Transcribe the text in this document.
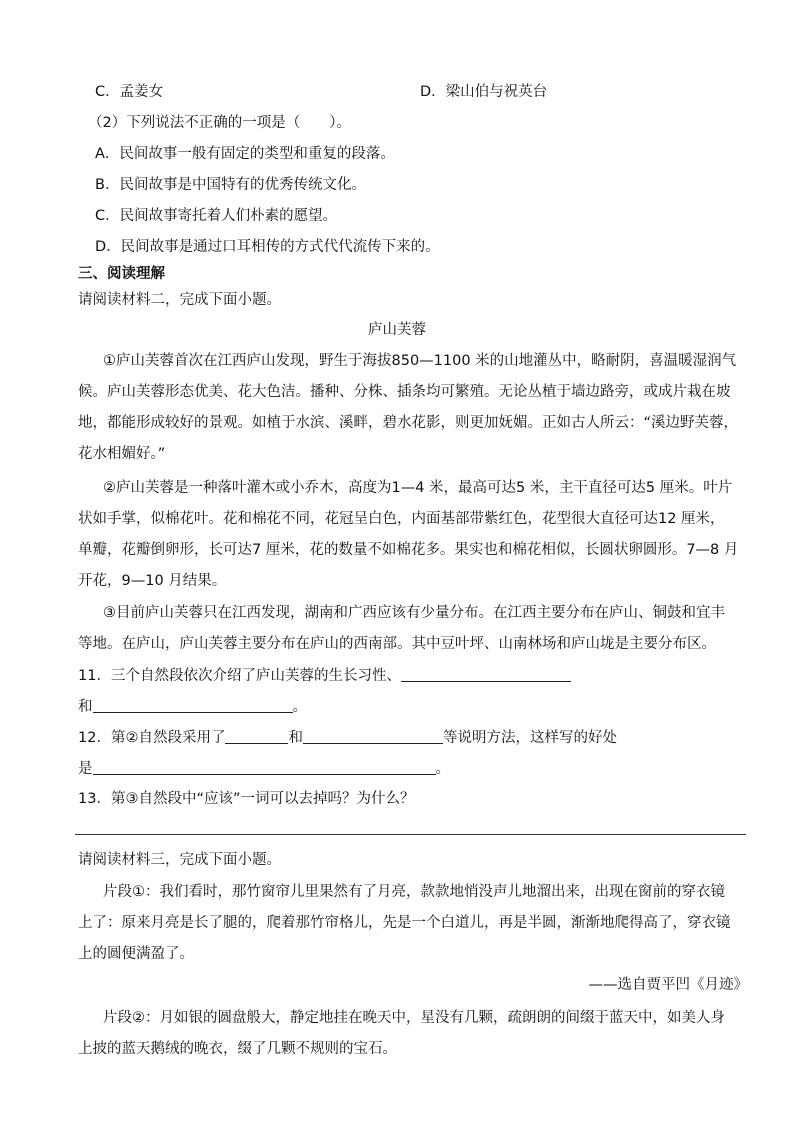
C．孟姜女	D．梁山伯与祝英台
（2）下列说法不正确的一项是（　　）。
A．民间故事一般有固定的类型和重复的段落。
B．民间故事是中国特有的优秀传统文化。
C．民间故事寄托着人们朴素的愿望。
D．民间故事是通过口耳相传的方式代代流传下来的。
三、阅读理解
请阅读材料二，完成下面小题。
庐山芙蓉
①庐山芙蓉首次在江西庐山发现，野生于海拔850—1100 米的山地灌丛中，略耐阴，喜温暖湿润气
候。庐山芙蓉形态优美、花大色洁。播种、分株、插条均可繁殖。无论丛植于墙边路旁，或成片栽在坡
地，都能形成较好的景观。如植于水滨、溪畔，碧水花影，则更加妩媚。正如古人所云：“溪边野芙蓉，
花水相媚好。”
②庐山芙蓉是一种落叶灌木或小乔木，高度为1—4 米，最高可达5 米，主干直径可达5 厘米。叶片
状如手掌，似棉花叶。花和棉花不同，花冠呈白色，内面基部带紫红色，花型很大直径可达12 厘米，
单瓣，花瓣倒卵形，长可达7 厘米，花的数量不如棉花多。果实也和棉花相似，长圆状卵圆形。7—8 月
开花，9—10 月结果。
③目前庐山芙蓉只在江西发现，湖南和广西应该有少量分布。在江西主要分布在庐山、铜鼓和宜丰
等地。在庐山，庐山芙蓉主要分布在庐山的西南部。其中豆叶坪、山南林场和庐山垅是主要分布区。
11．三个自然段依次介绍了庐山芙蓉的生长习性、
和	。
12．第②自然段采用了	和	等说明方法，这样写的好处
是	。
13．第③自然段中“应该”一词可以去掉吗？为什么？
请阅读材料三，完成下面小题。
片段①：我们看时，那竹窗帘儿里果然有了月亮，款款地悄没声儿地溜出来，出现在窗前的穿衣镜
上了：原来月亮是长了腿的，爬着那竹帘格儿，先是一个白道儿，再是半圆，渐渐地爬得高了，穿衣镜
上的圆便满盈了。
——选自贾平凹《月迹》
片段②：月如银的圆盘般大，静定地挂在晚天中，星没有几颗，疏朗朗的间缀于蓝天中，如美人身
上披的蓝天鹅绒的晚衣，缀了几颗不规则的宝石。
